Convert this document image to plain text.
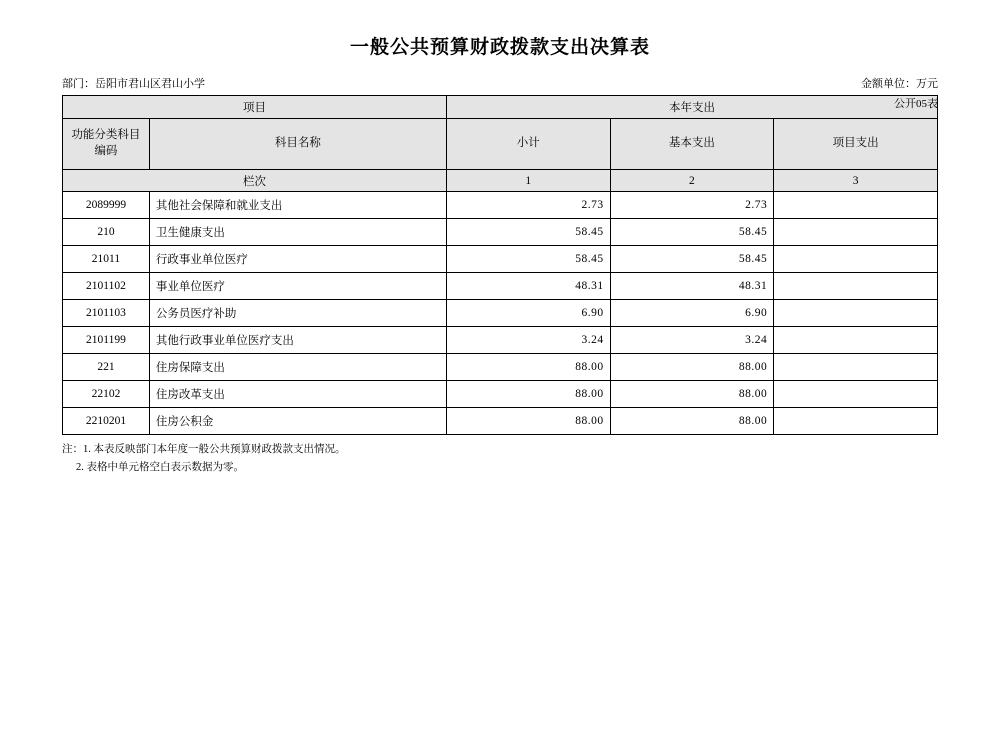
一般公共预算财政拨款支出决算表
公开05表
部门：岳阳市君山区君山小学	金额单位：万元
项目		本年支出		
功能分类科目编码	科目名称	小计	基本支出	项目支出
栏次		1	2	3
2089999	其他社会保障和就业支出	2.73	2.73	
210	卫生健康支出	58.45	58.45	
21011	行政事业单位医疗	58.45	58.45	
2101102	事业单位医疗	48.31	48.31	
2101103	公务员医疗补助	6.90	6.90	
2101199	其他行政事业单位医疗支出	3.24	3.24	
221	住房保障支出	88.00	88.00	
22102	住房改革支出	88.00	88.00	
2210201	住房公积金	88.00	88.00	
注：1. 本表反映部门本年度一般公共预算财政拨款支出情况。
2. 表格中单元格空白表示数据为零。
